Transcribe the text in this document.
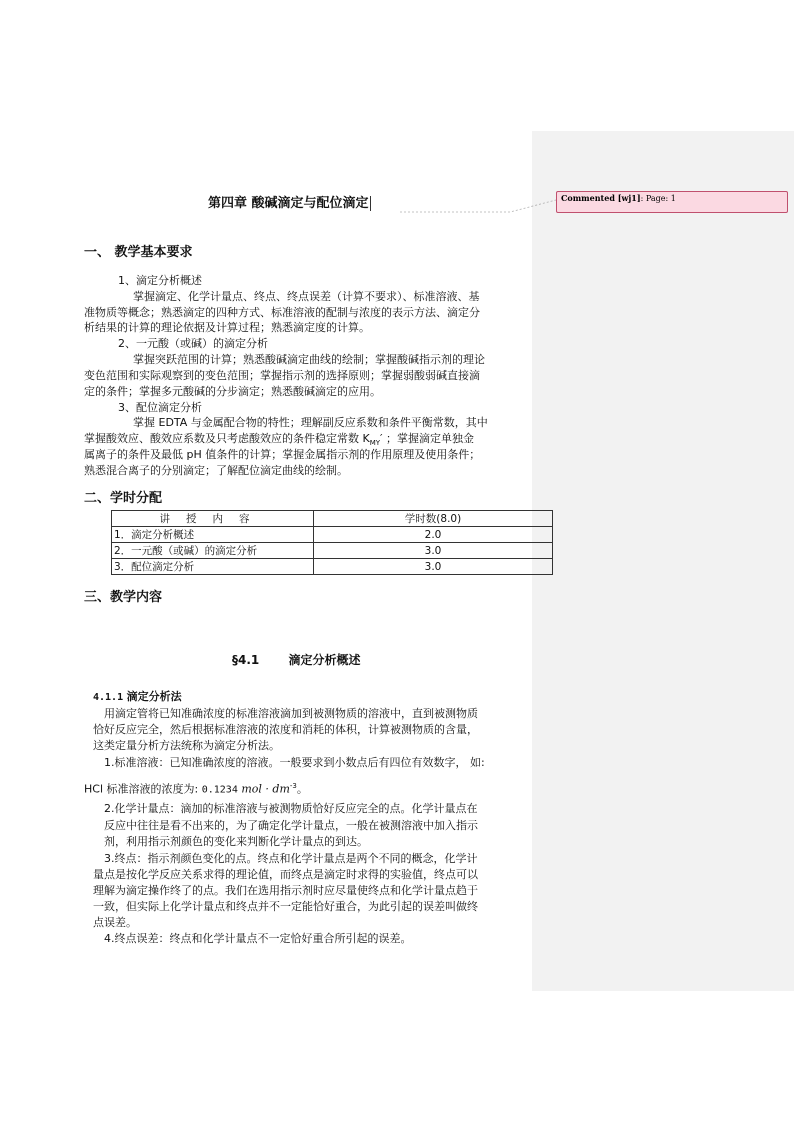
Commented [wj1]: Page: 1
第四章 酸碱滴定与配位滴定
一、 教学基本要求
1、滴定分析概述
掌握滴定、化学计量点、终点、终点误差（计算不要求）、标准溶液、基
准物质等概念；熟悉滴定的四种方式、标准溶液的配制与浓度的表示方法、滴定分
析结果的计算的理论依据及计算过程；熟悉滴定度的计算。
2、一元酸（或碱）的滴定分析
掌握突跃范围的计算；熟悉酸碱滴定曲线的绘制；掌握酸碱指示剂的理论
变色范围和实际观察到的变色范围；掌握指示剂的选择原则；掌握弱酸弱碱直接滴
定的条件；掌握多元酸碱的分步滴定；熟悉酸碱滴定的应用。
3、配位滴定分析
掌握 EDTA 与金属配合物的特性；理解副反应系数和条件平衡常数，其中
掌握酸效应、酸效应系数及只考虑酸效应的条件稳定常数 $K_{MY}'$ ；掌握滴定单独金
属离子的条件及最低 pH 值条件的计算；掌握金属指示剂的作用原理及使用条件；
熟悉混合离子的分别滴定；了解配位滴定曲线的绘制。
二、学时分配
讲授内容	学时数(8.0)
1．滴定分析概述	2.0
2．一元酸（或碱）的滴定分析	3.0
3．配位滴定分析	3.0
三、教学内容
§4.1       滴定分析概述
4.1.1 滴定分析法
用滴定管将已知准确浓度的标准溶液滴加到被测物质的溶液中，直到被测物质
恰好反应完全，然后根据标准溶液的浓度和消耗的体积，计算被测物质的含量，
这类定量分析方法统称为滴定分析法。
1.标准溶液：已知准确浓度的溶液。一般要求到小数点后有四位有效数字， 如:
HCl 标准溶液的浓度为: 0.1234 mol · $dm^{-3}$。
2.化学计量点：滴加的标准溶液与被测物质恰好反应完全的点。化学计量点在
反应中往往是看不出来的，为了确定化学计量点，一般在被测溶液中加入指示
剂，利用指示剂颜色的变化来判断化学计量点的到达。
3.终点：指示剂颜色变化的点。终点和化学计量点是两个不同的概念，化学计
量点是按化学反应关系求得的理论值，而终点是滴定时求得的实验值，终点可以
理解为滴定操作终了的点。我们在选用指示剂时应尽量使终点和化学计量点趋于
一致，但实际上化学计量点和终点并不一定能恰好重合，为此引起的误差叫做终
点误差。
4.终点误差：终点和化学计量点不一定恰好重合所引起的误差。
